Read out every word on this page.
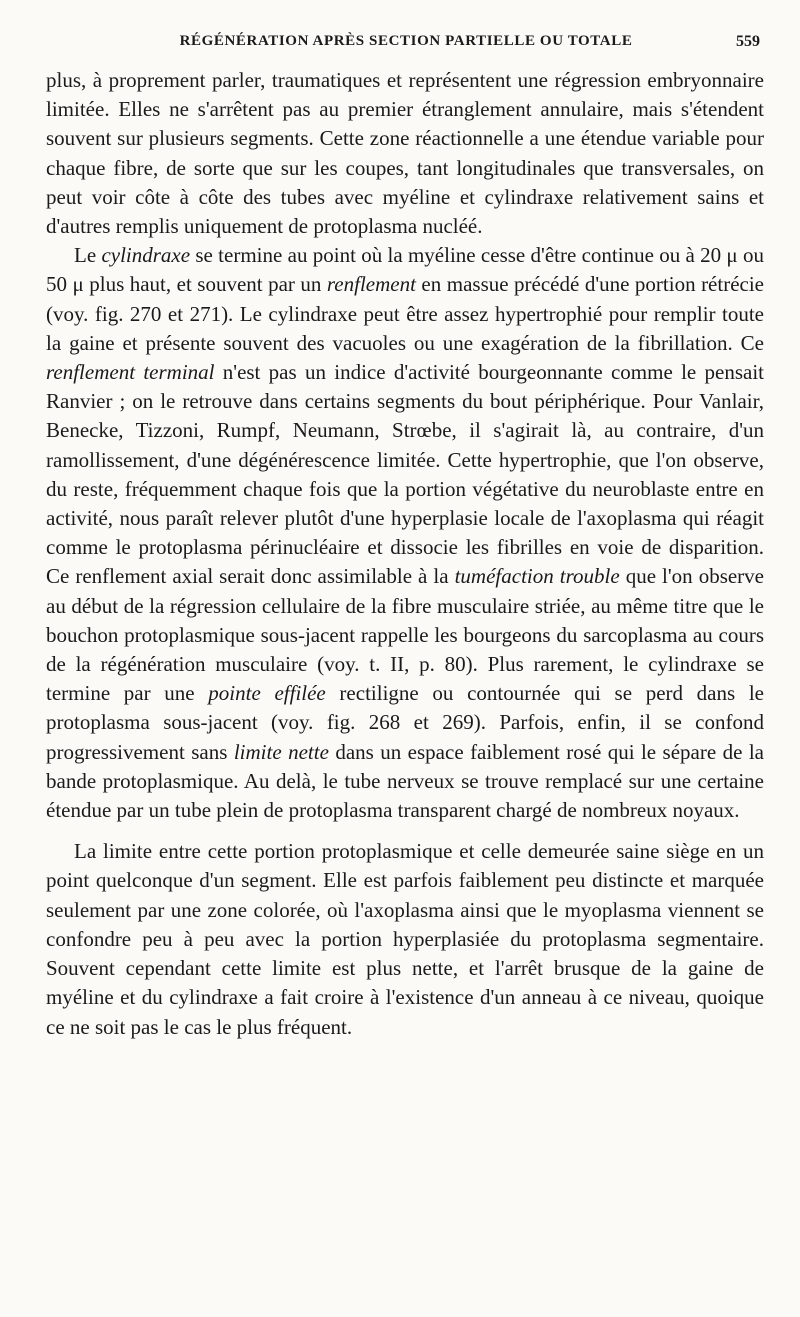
RÉGÉNÉRATION APRÈS SECTION PARTIELLE OU TOTALE	559

plus, à proprement parler, traumatiques et représentent une régression embryonnaire limitée. Elles ne s'arrêtent pas au premier étranglement annulaire, mais s'étendent souvent sur plusieurs segments. Cette zone réactionnelle a une étendue variable pour chaque fibre, de sorte que sur les coupes, tant longitudinales que transversales, on peut voir côte à côte des tubes avec myéline et cylindraxe relativement sains et d'autres remplis uniquement de protoplasma nucléé.

Le cylindraxe se termine au point où la myéline cesse d'être continue ou à 20 μ ou 50 μ plus haut, et souvent par un renflement en massue précédé d'une portion rétrécie (voy. fig. 270 et 271). Le cylindraxe peut être assez hypertrophié pour remplir toute la gaine et présente souvent des vacuoles ou une exagération de la fibrillation. Ce renflement terminal n'est pas un indice d'activité bourgeonnante comme le pensait Ranvier ; on le retrouve dans certains segments du bout périphérique. Pour Vanlair, Benecke, Tizzoni, Rumpf, Neumann, Strœbe, il s'agirait là, au contraire, d'un ramollissement, d'une dégénérescence limitée. Cette hypertrophie, que l'on observe, du reste, fréquemment chaque fois que la portion végétative du neuroblaste entre en activité, nous paraît relever plutôt d'une hyperplasie locale de l'axoplasma qui réagit comme le protoplasma périnucléaire et dissocie les fibrilles en voie de disparition. Ce renflement axial serait donc assimilable à la tuméfaction trouble que l'on observe au début de la régression cellulaire de la fibre musculaire striée, au même titre que le bouchon protoplasmique sous-jacent rappelle les bourgeons du sarcoplasma au cours de la régénération musculaire (voy. t. II, p. 80). Plus rarement, le cylindraxe se termine par une pointe effilée rectiligne ou contournée qui se perd dans le protoplasma sous-jacent (voy. fig. 268 et 269). Parfois, enfin, il se confond progressivement sans limite nette dans un espace faiblement rosé qui le sépare de la bande protoplasmique. Au delà, le tube nerveux se trouve remplacé sur une certaine étendue par un tube plein de protoplasma transparent chargé de nombreux noyaux.

La limite entre cette portion protoplasmique et celle demeurée saine siège en un point quelconque d'un segment. Elle est parfois faiblement peu distincte et marquée seulement par une zone colorée, où l'axoplasma ainsi que le myoplasma viennent se confondre peu à peu avec la portion hyperplasiée du protoplasma segmentaire. Souvent cependant cette limite est plus nette, et l'arrêt brusque de la gaine de myéline et du cylindraxe a fait croire à l'existence d'un anneau à ce niveau, quoique ce ne soit pas le cas le plus fréquent.
